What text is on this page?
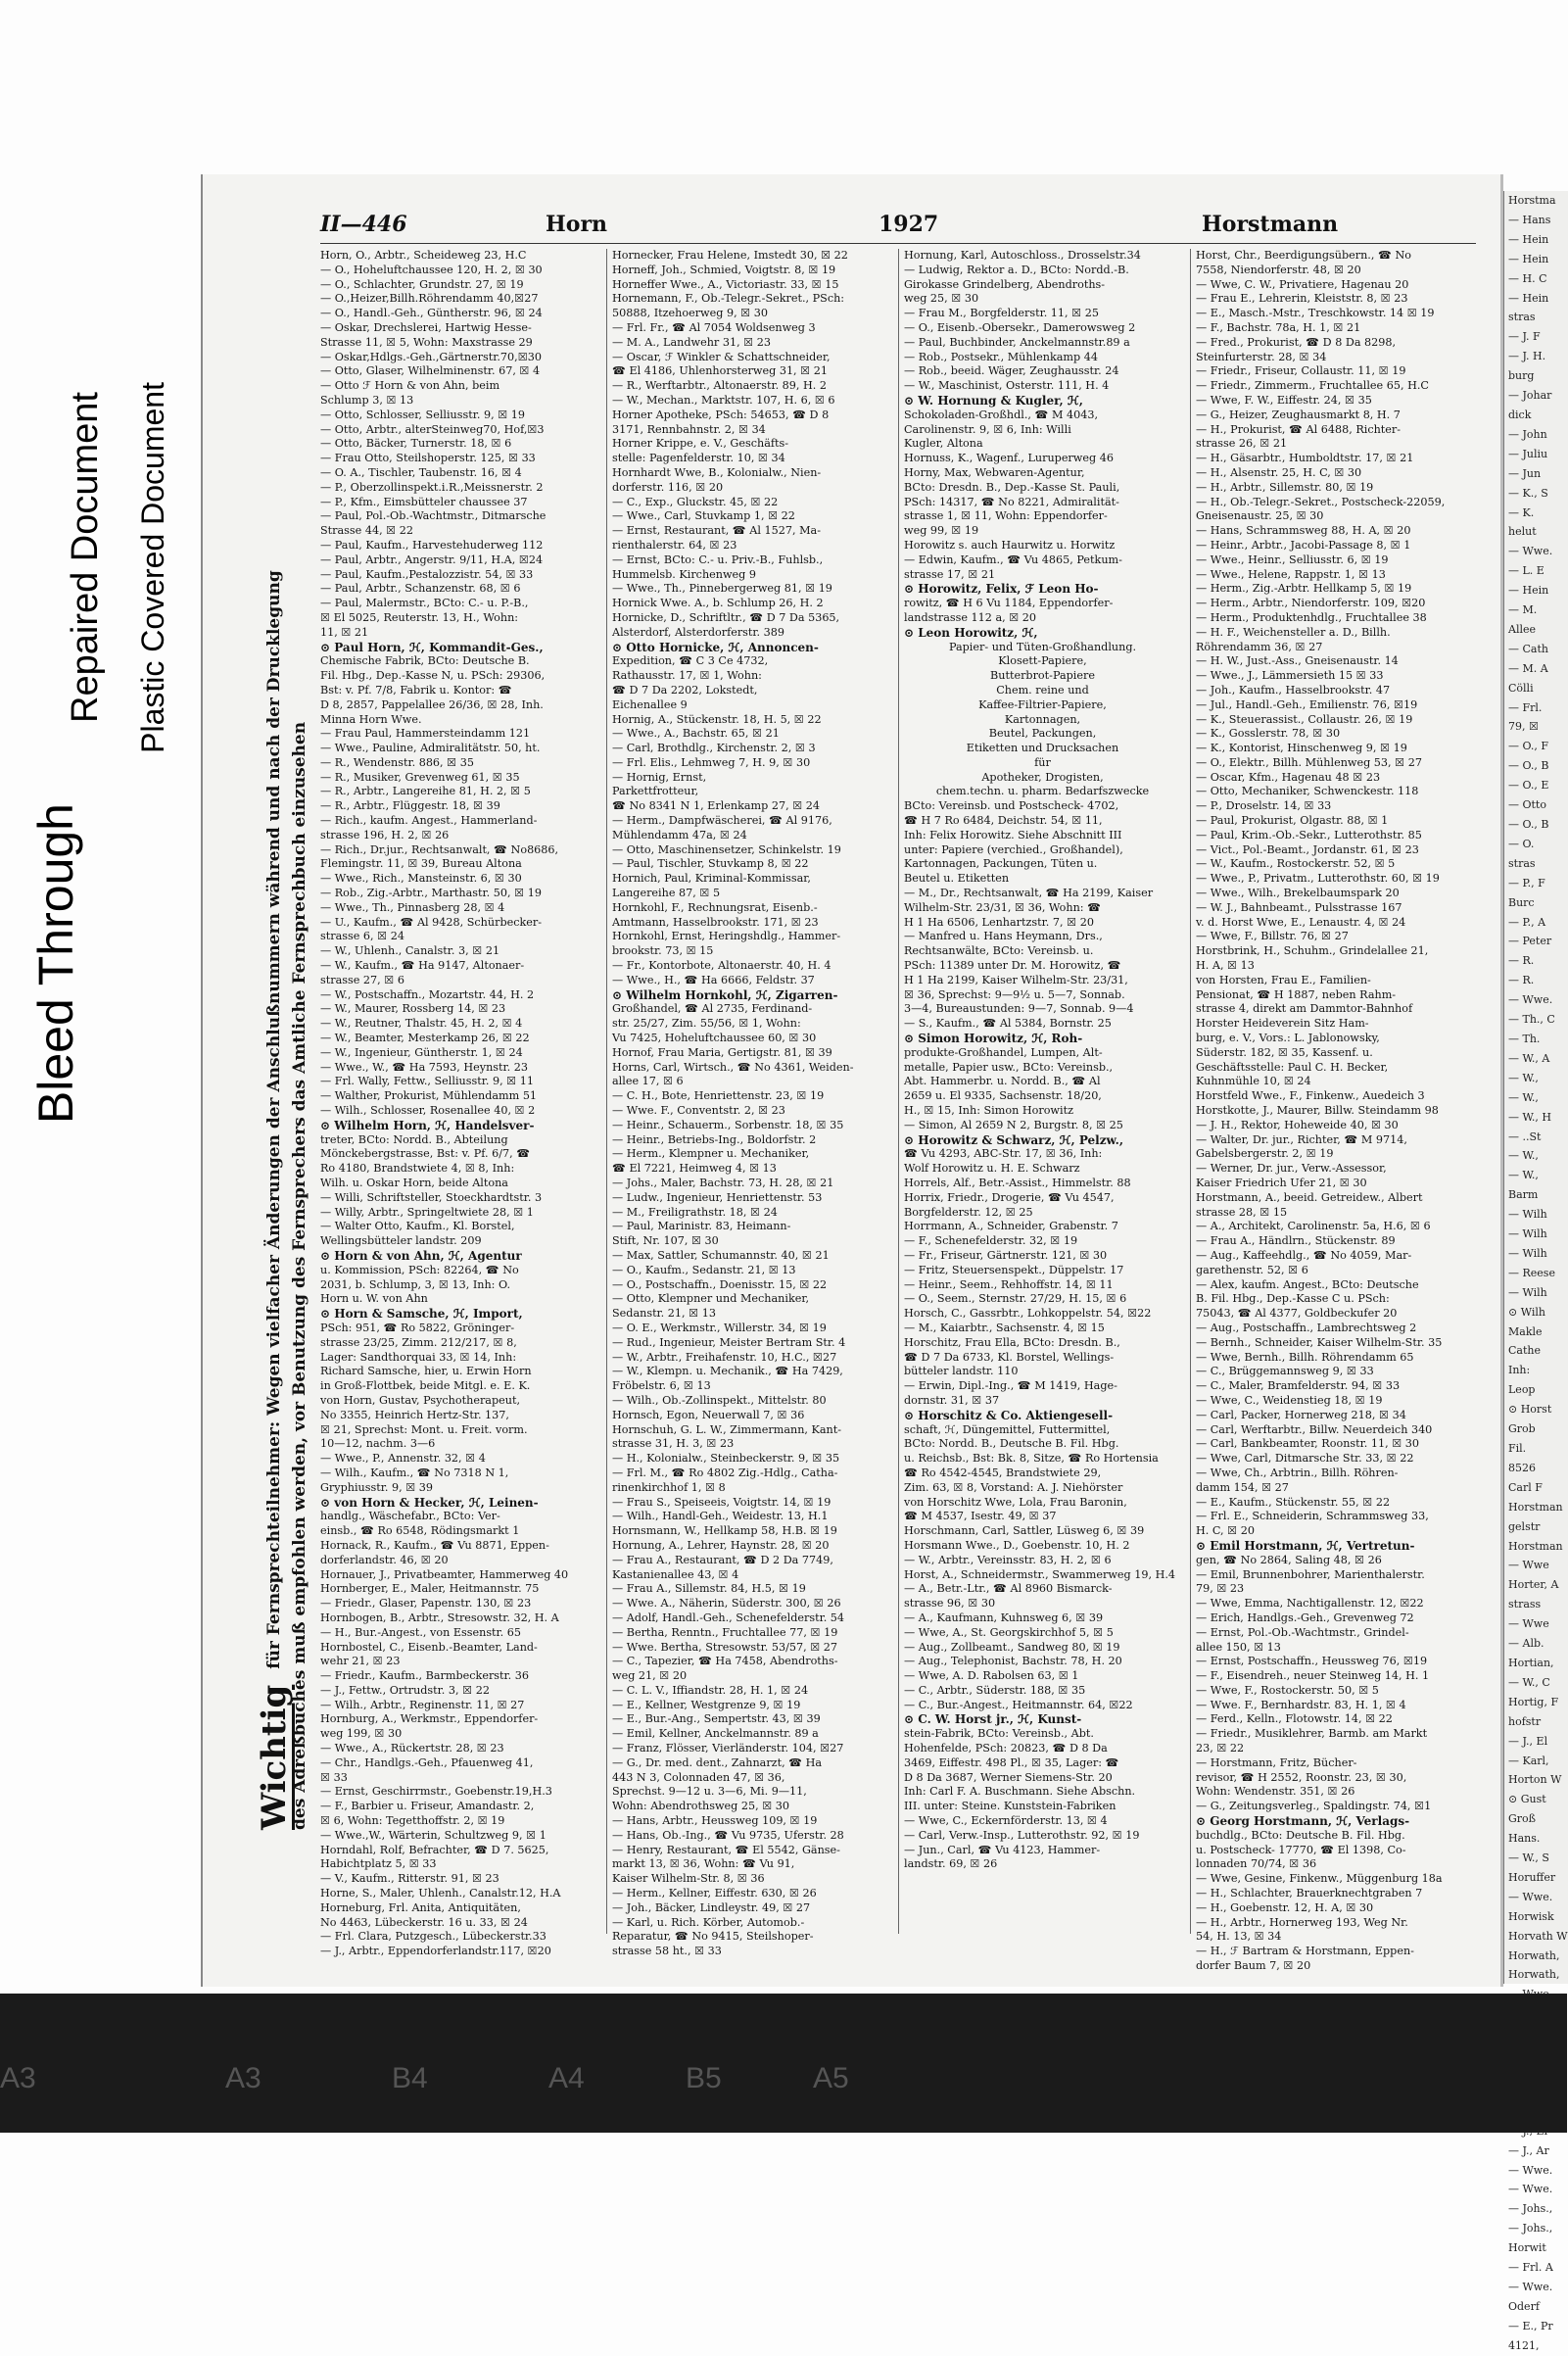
Bleed Through
Repaired Document Plastic Covered Document
II—446	Horn	1927	Horstmann
Wichtig für Fernsprechteilnehmer: Wegen vielfacher Änderungen der Anschlußnummern während und nach der Drucklegung des Adreßbuches muß empfohlen werden, vor Benutzung des Fernsprechers das Amtliche Fernsprechbuch einzusehen
Horn, O., Arbtr., Scheideweg 23, H.C
— O., Hoheluftchaussee 120, H. 2, ☒ 30
— O., Schlachter, Grundstr. 27, ☒ 19
— O.,Heizer,Billh.Röhrendamm 40,☒27
— O., Handl.-Geh., Güntherstr. 96, ☒ 24
— Oskar, Drechslerei, Hartwig Hesse-
Strasse 11, ☒ 5, Wohn: Maxstrasse 29
— Oskar,Hdlgs.-Geh.,Gärtnerstr.70,☒30
— Otto, Glaser, Wilhelminenstr. 67, ☒ 4
— Otto ℱ Horn & von Ahn, beim
Schlump 3, ☒ 13
— Otto, Schlosser, Selliusstr. 9, ☒ 19
— Otto, Arbtr., alterSteinweg70, Hof,☒3
— Otto, Bäcker, Turnerstr. 18, ☒ 6
— Frau Otto, Steilshoperstr. 125, ☒ 33
— O. A., Tischler, Taubenstr. 16, ☒ 4
— P., Oberzollinspekt.i.R.,Meissnerstr. 2
— P., Kfm., Eimsbütteler chaussee 37
— Paul, Pol.-Ob.-Wachtmstr., Ditmarsche
Strasse 44, ☒ 22
— Paul, Kaufm., Harvestehuderweg 112
— Paul, Arbtr., Angerstr. 9/11, H.A, ☒24
— Paul, Kaufm.,Pestalozzistr. 54, ☒ 33
— Paul, Arbtr., Schanzenstr. 68, ☒ 6
— Paul, Malermstr., BCto: C.- u. P.-B.,
☒ El 5025, Reuterstr. 13, H., Wohn:
11, ☒ 21
⊙ Paul Horn, ℋ, Kommandit-Ges.,
Chemische Fabrik, BCto: Deutsche B.
Fil. Hbg., Dep.-Kasse N, u. PSch: 29306,
Bst: v. Pf. 7/8, Fabrik u. Kontor: ☎
D 8, 2857, Pappelallee 26/36, ☒ 28, Inh.
Minna Horn Wwe.
— Frau Paul, Hammersteindamm 121
— Wwe., Pauline, Admiralitätstr. 50, ht.
— R., Wendenstr. 886, ☒ 35
— R., Musiker, Grevenweg 61, ☒ 35
— R., Arbtr., Langereihe 81, H. 2, ☒ 5
— R., Arbtr., Flüggestr. 18, ☒ 39
— Rich., kaufm. Angest., Hammerland-
strasse 196, H. 2, ☒ 26
— Rich., Dr.jur., Rechtsanwalt, ☎ No8686,
Flemingstr. 11, ☒ 39, Bureau Altona
— Wwe., Rich., Mansteinstr. 6, ☒ 30
— Rob., Zig.-Arbtr., Marthastr. 50, ☒ 19
— Wwe., Th., Pinnasberg 28, ☒ 4
— U., Kaufm., ☎ Al 9428, Schürbecker-
strasse 6, ☒ 24
— W., Uhlenh., Canalstr. 3, ☒ 21
— W., Kaufm., ☎ Ha 9147, Altonaer-
strasse 27, ☒ 6
— W., Postschaffn., Mozartstr. 44, H. 2
— W., Maurer, Rossberg 14, ☒ 23
— W., Reutner, Thalstr. 45, H. 2, ☒ 4
— W., Beamter, Mesterkamp 26, ☒ 22
— W., Ingenieur, Güntherstr. 1, ☒ 24
— Wwe., W., ☎ Ha 7593, Heynstr. 23
— Frl. Wally, Fettw., Selliusstr. 9, ☒ 11
— Walther, Prokurist, Mühlendamm 51
— Wilh., Schlosser, Rosenallee 40, ☒ 2
⊙ Wilhelm Horn, ℋ, Handelsver-
treter, BCto: Nordd. B., Abteilung
Mönckebergstrasse, Bst: v. Pf. 6/7, ☎
Ro 4180, Brandstwiete 4, ☒ 8, Inh:
Wilh. u. Oskar Horn, beide Altona
— Willi, Schriftsteller, Stoeckhardtstr. 3
— Willy, Arbtr., Springeltwiete 28, ☒ 1
— Walter Otto, Kaufm., Kl. Borstel,
Wellingsbütteler landstr. 209
⊙ Horn & von Ahn, ℋ, Agentur
u. Kommission, PSch: 82264, ☎ No
2031, b. Schlump, 3, ☒ 13, Inh: O.
Horn u. W. von Ahn
⊙ Horn & Samsche, ℋ, Import,
PSch: 951, ☎ Ro 5822, Gröninger-
strasse 23/25, Zimm. 212/217, ☒ 8,
Lager: Sandthorquai 33, ☒ 14, Inh:
Richard Samsche, hier, u. Erwin Horn
in Groß-Flottbek, beide Mitgl. e. E. K.
von Horn, Gustav, Psychotherapeut,
No 3355, Heinrich Hertz-Str. 137,
☒ 21, Sprechst: Mont. u. Freit. vorm.
10—12, nachm. 3—6
— Wwe., P., Annenstr. 32, ☒ 4
— Wilh., Kaufm., ☎ No 7318 N 1,
Gryphiusstr. 9, ☒ 39
⊙ von Horn & Hecker, ℋ, Leinen-
handlg., Wäschefabr., BCto: Ver-
einsb., ☎ Ro 6548, Rödingsmarkt 1
Hornack, R., Kaufm., ☎ Vu 8871, Eppen-
dorferlandstr. 46, ☒ 20
Hornauer, J., Privatbeamter, Hammerweg 40
Hornberger, E., Maler, Heitmannstr. 75
— Friedr., Glaser, Papenstr. 130, ☒ 23
Hornbogen, B., Arbtr., Stresowstr. 32, H. A
— H., Bur.-Angest., von Essenstr. 65
Hornbostel, C., Eisenb.-Beamter, Land-
wehr 21, ☒ 23
— Friedr., Kaufm., Barmbeckerstr. 36
— J., Fettw., Ortrudstr. 3, ☒ 22
— Wilh., Arbtr., Reginenstr. 11, ☒ 27
Hornburg, A., Werkmstr., Eppendorfer-
weg 199, ☒ 30
— Wwe., A., Rückertstr. 28, ☒ 23
— Chr., Handlgs.-Geh., Pfauenweg 41,
☒ 33
— Ernst, Geschirrmstr., Goebenstr.19,H.3
— F., Barbier u. Friseur, Amandastr. 2,
☒ 6, Wohn: Tegetthoffstr. 2, ☒ 19
— Wwe.,W., Wärterin, Schultzweg 9, ☒ 1
Horndahl, Rolf, Befrachter, ☎ D 7. 5625,
Habichtplatz 5, ☒ 33
— V., Kaufm., Ritterstr. 91, ☒ 23
Horne, S., Maler, Uhlenh., Canalstr.12, H.A
Horneburg, Frl. Anita, Antiquitäten,
No 4463, Lübeckerstr. 16 u. 33, ☒ 24
— Frl. Clara, Putzgesch., Lübeckerstr.33
— J., Arbtr., Eppendorferlandstr.117, ☒20
Hornecker, Frau Helene, Imstedt 30, ☒ 22
Horneff, Joh., Schmied, Voigtstr. 8, ☒ 19
Horneffer Wwe., A., Victoriastr. 33, ☒ 15
Hornemann, F., Ob.-Telegr.-Sekret., PSch:
50888, Itzehoerweg 9, ☒ 30
— Frl. Fr., ☎ Al 7054 Woldsenweg 3
— M. A., Landwehr 31, ☒ 23
— Oscar, ℱ Winkler & Schattschneider,
☎ El 4186, Uhlenhorsterweg 31, ☒ 21
— R., Werftarbtr., Altonaerstr. 89, H. 2
— W., Mechan., Marktstr. 107, H. 6, ☒ 6
Horner Apotheke, PSch: 54653, ☎ D 8
3171, Rennbahnstr. 2, ☒ 34
Horner Krippe, e. V., Geschäfts-
stelle: Pagenfelderstr. 10, ☒ 34
Hornhardt Wwe, B., Kolonialw., Nien-
dorferstr. 116, ☒ 20
— C., Exp., Gluckstr. 45, ☒ 22
— Wwe., Carl, Stuvkamp 1, ☒ 22
— Ernst, Restaurant, ☎ Al 1527, Ma-
rienthalerstr. 64, ☒ 23
— Ernst, BCto: C.- u. Priv.-B., Fuhlsb.,
Hummelsb. Kirchenweg 9
— Wwe., Th., Pinnebergerweg 81, ☒ 19
Hornick Wwe. A., b. Schlump 26, H. 2
Hornicke, D., Schriftltr., ☎ D 7 Da 5365,
Alsterdorf, Alsterdorferstr. 389
⊙ Otto Hornicke, ℋ, Annoncen-
Expedition, ☎ C 3 Ce 4732,
Rathausstr. 17, ☒ 1, Wohn:
☎ D 7 Da 2202, Lokstedt,
Eichenallee 9
Hornig, A., Stückenstr. 18, H. 5, ☒ 22
— Wwe., A., Bachstr. 65, ☒ 21
— Carl, Brothdlg., Kirchenstr. 2, ☒ 3
— Frl. Elis., Lehmweg 7, H. 9, ☒ 30
— Hornig, Ernst,
Parkettfrotteur,
☎ No 8341 N 1, Erlenkamp 27, ☒ 24
— Herm., Dampfwäscherei, ☎ Al 9176,
Mühlendamm 47a, ☒ 24
— Otto, Maschinensetzer, Schinkelstr. 19
— Paul, Tischler, Stuvkamp 8, ☒ 22
Hornich, Paul, Kriminal-Kommissar,
Langereihe 87, ☒ 5
Hornkohl, F., Rechnungsrat, Eisenb.-
Amtmann, Hasselbrookstr. 171, ☒ 23
Hornkohl, Ernst, Heringshdlg., Hammer-
brookstr. 73, ☒ 15
— Fr., Kontorbote, Altonaerstr. 40, H. 4
— Wwe., H., ☎ Ha 6666, Feldstr. 37
⊙ Wilhelm Hornkohl, ℋ, Zigarren-
Großhandel, ☎ Al 2735, Ferdinand-
str. 25/27, Zim. 55/56, ☒ 1, Wohn:
Vu 7425, Hoheluftchaussee 60, ☒ 30
Hornof, Frau Maria, Gertigstr. 81, ☒ 39
Horns, Carl, Wirtsch., ☎ No 4361, Weiden-
allee 17, ☒ 6
— C. H., Bote, Henriettenstr. 23, ☒ 19
— Wwe. F., Conventstr. 2, ☒ 23
— Heinr., Schauerm., Sorbenstr. 18, ☒ 35
— Heinr., Betriebs-Ing., Boldorfstr. 2
— Herm., Klempner u. Mechaniker,
☎ El 7221, Heimweg 4, ☒ 13
— Johs., Maler, Bachstr. 73, H. 28, ☒ 21
— Ludw., Ingenieur, Henriettenstr. 53
— M., Freiligrathstr. 18, ☒ 24
— Paul, Marinistr. 83, Heimann-
Stift, Nr. 107, ☒ 30
— Max, Sattler, Schumannstr. 40, ☒ 21
— O., Kaufm., Sedanstr. 21, ☒ 13
— O., Postschaffn., Doenisstr. 15, ☒ 22
— Otto, Klempner und Mechaniker,
Sedanstr. 21, ☒ 13
— O. E., Werkmstr., Willerstr. 34, ☒ 19
— Rud., Ingenieur, Meister Bertram Str. 4
— W., Arbtr., Freihafenstr. 10, H.C., ☒27
— W., Klempn. u. Mechanik., ☎ Ha 7429,
Fröbelstr. 6, ☒ 13
— Wilh., Ob.-Zollinspekt., Mittelstr. 80
Hornsch, Egon, Neuerwall 7, ☒ 36
Hornschuh, G. L. W., Zimmermann, Kant-
strasse 31, H. 3, ☒ 23
— H., Kolonialw., Steinbeckerstr. 9, ☒ 35
— Frl. M., ☎ Ro 4802 Zig.-Hdlg., Catha-
rinenkirchhof 1, ☒ 8
— Frau S., Speiseeis, Voigtstr. 14, ☒ 19
— Wilh., Handl-Geh., Weidestr. 13, H.1
Hornsmann, W., Hellkamp 58, H.B. ☒ 19
Hornung, A., Lehrer, Haynstr. 28, ☒ 20
— Frau A., Restaurant, ☎ D 2 Da 7749,
Kastanienallee 43, ☒ 4
— Frau A., Sillemstr. 84, H.5, ☒ 19
— Wwe. A., Näherin, Süderstr. 300, ☒ 26
— Adolf, Handl.-Geh., Schenefelderstr. 54
— Bertha, Renntn., Fruchtallee 77, ☒ 19
— Wwe. Bertha, Stresowstr. 53/57, ☒ 27
— C., Tapezier, ☎ Ha 7458, Abendroths-
weg 21, ☒ 20
— C. L. V., Iffiandstr. 28, H. 1, ☒ 24
— E., Kellner, Westgrenze 9, ☒ 19
— E., Bur.-Ang., Sempertstr. 43, ☒ 39
— Emil, Kellner, Anckelmannstr. 89 a
— Franz, Flösser, Vierländerstr. 104, ☒27
— G., Dr. med. dent., Zahnarzt, ☎ Ha
443 N 3, Colonnaden 47, ☒ 36,
Sprechst. 9—12 u. 3—6, Mi. 9—11,
Wohn: Abendrothsweg 25, ☒ 30
— Hans, Arbtr., Heussweg 109, ☒ 19
— Hans, Ob.-Ing., ☎ Vu 9735, Uferstr. 28
— Henry, Restaurant, ☎ El 5542, Gänse-
markt 13, ☒ 36, Wohn: ☎ Vu 91,
Kaiser Wilhelm-Str. 8, ☒ 36
— Herm., Kellner, Eiffestr. 630, ☒ 26
— Joh., Bäcker, Lindleystr. 49, ☒ 27
— Karl, u. Rich. Körber, Automob.-
Reparatur, ☎ No 9415, Steilshoper-
strasse 58 ht., ☒ 33
Hornung, Karl, Autoschloss., Drosselstr.34
— Ludwig, Rektor a. D., BCto: Nordd.-B.
Girokasse Grindelberg, Abendroths-
weg 25, ☒ 30
— Frau M., Borgfelderstr. 11, ☒ 25
— O., Eisenb.-Obersekr., Damerowsweg 2
— Paul, Buchbinder, Anckelmannstr.89 a
— Rob., Postsekr., Mühlenkamp 44
— Rob., beeid. Wäger, Zeughausstr. 24
— W., Maschinist, Osterstr. 111, H. 4
⊙ W. Hornung & Kugler, ℋ,
Schokoladen-Großhdl., ☎ M 4043,
Carolinenstr. 9, ☒ 6, Inh: Willi
Kugler, Altona
Hornuss, K., Wagenf., Luruperweg 46
Horny, Max, Webwaren-Agentur,
BCto: Dresdn. B., Dep.-Kasse St. Pauli,
PSch: 14317, ☎ No 8221, Admiralität-
strasse 1, ☒ 11, Wohn: Eppendorfer-
weg 99, ☒ 19
Horowitz s. auch Haurwitz u. Horwitz
— Edwin, Kaufm., ☎ Vu 4865, Petkum-
strasse 17, ☒ 21
⊙ Horowitz, Felix, ℱ Leon Ho-
rowitz, ☎ H 6 Vu 1184, Eppendorfer-
landstrasse 112 a, ☒ 20
⊙ Leon Horowitz, ℋ,
Papier- und Tüten-Großhandlung.
Klosett-Papiere,
Butterbrot-Papiere
Chem. reine und
Kaffee-Filtrier-Papiere,
Kartonnagen,
Beutel, Packungen,
Etiketten und Drucksachen
für
Apotheker, Drogisten,
chem.techn. u. pharm. Bedarfszwecke
BCto: Vereinsb. und Postscheck- 4702,
☎ H 7 Ro 6484, Deichstr. 54, ☒ 11,
Inh: Felix Horowitz. Siehe Abschnitt III
unter: Papiere (verchied., Großhandel),
Kartonnagen, Packungen, Tüten u.
Beutel u. Etiketten
— M., Dr., Rechtsanwalt, ☎ Ha 2199, Kaiser
Wilhelm-Str. 23/31, ☒ 36, Wohn: ☎
H 1 Ha 6506, Lenhartzstr. 7, ☒ 20
— Manfred u. Hans Heymann, Drs.,
Rechtsanwälte, BCto: Vereinsb. u.
PSch: 11389 unter Dr. M. Horowitz, ☎
H 1 Ha 2199, Kaiser Wilhelm-Str. 23/31,
☒ 36, Sprechst: 9—9½ u. 5—7, Sonnab.
3—4, Bureaustunden: 9—7, Sonnab. 9—4
— S., Kaufm., ☎ Al 5384, Bornstr. 25
⊙ Simon Horowitz, ℋ, Roh-
produkte-Großhandel, Lumpen, Alt-
metalle, Papier usw., BCto: Vereinsb.,
Abt. Hammerbr. u. Nordd. B., ☎ Al
2659 u. El 9335, Sachsenstr. 18/20,
H., ☒ 15, Inh: Simon Horowitz
— Simon, Al 2659 N 2, Burgstr. 8, ☒ 25
⊙ Horowitz & Schwarz, ℋ, Pelzw.,
☎ Vu 4293, ABC-Str. 17, ☒ 36, Inh:
Wolf Horowitz u. H. E. Schwarz
Horrels, Alf., Betr.-Assist., Himmelstr. 88
Horrix, Friedr., Drogerie, ☎ Vu 4547,
Borgfelderstr. 12, ☒ 25
Horrmann, A., Schneider, Grabenstr. 7
— F., Schenefelderstr. 32, ☒ 19
— Fr., Friseur, Gärtnerstr. 121, ☒ 30
— Fritz, Steuersenspekt., Düppelstr. 17
— Heinr., Seem., Rehhoffstr. 14, ☒ 11
— O., Seem., Sternstr. 27/29, H. 15, ☒ 6
Horsch, C., Gassrbtr., Lohkoppelstr. 54, ☒22
— M., Kaiarbtr., Sachsenstr. 4, ☒ 15
Horschitz, Frau Ella, BCto: Dresdn. B.,
☎ D 7 Da 6733, Kl. Borstel, Wellings-
bütteler landstr. 110
— Erwin, Dipl.-Ing., ☎ M 1419, Hage-
dornstr. 31, ☒ 37
⊙ Horschitz & Co. Aktiengesell-
schaft, ℋ, Düngemittel, Futtermittel,
BCto: Nordd. B., Deutsche B. Fil. Hbg.
u. Reichsb., Bst: Bk. 8, Sitze, ☎ Ro Hortensia
☎ Ro 4542-4545, Brandstwiete 29,
Zim. 63, ☒ 8, Vorstand: A. J. Niehörster
von Horschitz Wwe, Lola, Frau Baronin,
☎ M 4537, Isestr. 49, ☒ 37
Horschmann, Carl, Sattler, Lüsweg 6, ☒ 39
Horsmann Wwe., D., Goebenstr. 10, H. 2
— W., Arbtr., Vereinsstr. 83, H. 2, ☒ 6
Horst, A., Schneidermstr., Swammerweg 19, H.4
— A., Betr.-Ltr., ☎ Al 8960 Bismarck-
strasse 96, ☒ 30
— A., Kaufmann, Kuhnsweg 6, ☒ 39
— Wwe, A., St. Georgskirchhof 5, ☒ 5
— Aug., Zollbeamt., Sandweg 80, ☒ 19
— Aug., Telephonist, Bachstr. 78, H. 20
— Wwe, A. D. Rabolsen 63, ☒ 1
— C., Arbtr., Süderstr. 188, ☒ 35
— C., Bur.-Angest., Heitmannstr. 64, ☒22
⊙ C. W. Horst jr., ℋ, Kunst-
stein-Fabrik, BCto: Vereinsb., Abt.
Hohenfelde, PSch: 20823, ☎ D 8 Da
3469, Eiffestr. 498 Pl., ☒ 35, Lager: ☎
D 8 Da 3687, Werner Siemens-Str. 20
Inh: Carl F. A. Buschmann. Siehe Abschn.
III. unter: Steine. Kunststein-Fabriken
— Wwe, C., Eckernförderstr. 13, ☒ 4
— Carl, Verw.-Insp., Lutterothstr. 92, ☒ 19
— Jun., Carl, ☎ Vu 4123, Hammer-
landstr. 69, ☒ 26
Horst, Chr., Beerdigungsübern., ☎ No
7558, Niendorferstr. 48, ☒ 20
— Wwe, C. W., Privatiere, Hagenau 20
— Frau E., Lehrerin, Kleiststr. 8, ☒ 23
— E., Masch.-Mstr., Treschkowstr. 14 ☒ 19
— F., Bachstr. 78a, H. 1, ☒ 21
— Fred., Prokurist, ☎ D 8 Da 8298,
Steinfurterstr. 28, ☒ 34
— Friedr., Friseur, Collaustr. 11, ☒ 19
— Friedr., Zimmerm., Fruchtallee 65, H.C
— Wwe, F. W., Eiffestr. 24, ☒ 35
— G., Heizer, Zeughausmarkt 8, H. 7
— H., Prokurist, ☎ Al 6488, Richter-
strasse 26, ☒ 21
— H., Gäsarbtr., Humboldtstr. 17, ☒ 21
— H., Alsenstr. 25, H. C, ☒ 30
— H., Arbtr., Sillemstr. 80, ☒ 19
— H., Ob.-Telegr.-Sekret., Postscheck-22059,
Gneisenaustr. 25, ☒ 30
— Hans, Schrammsweg 88, H. A, ☒ 20
— Heinr., Arbtr., Jacobi-Passage 8, ☒ 1
— Wwe., Heinr., Selliusstr. 6, ☒ 19
— Wwe., Helene, Rappstr. 1, ☒ 13
— Herm., Zig.-Arbtr. Hellkamp 5, ☒ 19
— Herm., Arbtr., Niendorferstr. 109, ☒20
— Herm., Produktenhdlg., Fruchtallee 38
— H. F., Weichensteller a. D., Billh.
Röhrendamm 36, ☒ 27
— H. W., Just.-Ass., Gneisenaustr. 14
— Wwe., J., Lämmersieth 15 ☒ 33
— Joh., Kaufm., Hasselbrookstr. 47
— Jul., Handl.-Geh., Emilienstr. 76, ☒19
— K., Steuerassist., Collaustr. 26, ☒ 19
— K., Gosslerstr. 78, ☒ 30
— K., Kontorist, Hinschenweg 9, ☒ 19
— O., Elektr., Billh. Mühlenweg 53, ☒ 27
— Oscar, Kfm., Hagenau 48 ☒ 23
— Otto, Mechaniker, Schwenckestr. 118
— P., Droselstr. 14, ☒ 33
— Paul, Prokurist, Olgastr. 88, ☒ 1
— Paul, Krim.-Ob.-Sekr., Lutterothstr. 85
— Vict., Pol.-Beamt., Jordanstr. 61, ☒ 23
— W., Kaufm., Rostockerstr. 52, ☒ 5
— Wwe., P., Privatm., Lutterothstr. 60, ☒ 19
— Wwe., Wilh., Brekelbaumspark 20
— W. J., Bahnbeamt., Pulsstrasse 167
v. d. Horst Wwe, E., Lenaustr. 4, ☒ 24
— Wwe, F., Billstr. 76, ☒ 27
Horstbrink, H., Schuhm., Grindelallee 21,
H. A, ☒ 13
von Horsten, Frau E., Familien-
Pensionat, ☎ H 1887, neben Rahm-
strasse 4, direkt am Dammtor-Bahnhof
Horster Heideverein Sitz Ham-
burg, e. V., Vors.: L. Jablonowsky,
Süderstr. 182, ☒ 35, Kassenf. u.
Geschäftsstelle: Paul C. H. Becker,
Kuhnmühle 10, ☒ 24
Horstfeld Wwe., F., Finkenw., Auedeich 3
Horstkotte, J., Maurer, Billw. Steindamm 98
— J. H., Rektor, Hoheweide 40, ☒ 30
— Walter, Dr. jur., Richter, ☎ M 9714,
Gabelsbergerstr. 2, ☒ 19
— Werner, Dr. jur., Verw.-Assessor,
Kaiser Friedrich Ufer 21, ☒ 30
Horstmann, A., beeid. Getreidew., Albert
strasse 28, ☒ 15
— A., Architekt, Carolinenstr. 5a, H.6, ☒ 6
— Frau A., Händlrn., Stückenstr. 89
— Aug., Kaffeehdlg., ☎ No 4059, Mar-
garethenstr. 52, ☒ 6
— Alex, kaufm. Angest., BCto: Deutsche
B. Fil. Hbg., Dep.-Kasse C u. PSch:
75043, ☎ Al 4377, Goldbeckufer 20
— Aug., Postschaffn., Lambrechtsweg 2
— Bernh., Schneider, Kaiser Wilhelm-Str. 35
— Wwe, Bernh., Billh. Röhrendamm 65
— C., Brüggemannsweg 9, ☒ 33
— C., Maler, Bramfelderstr. 94, ☒ 33
— Wwe, C., Weidenstieg 18, ☒ 19
— Carl, Packer, Hornerweg 218, ☒ 34
— Carl, Werftarbtr., Billw. Neuerdeich 340
— Carl, Bankbeamter, Roonstr. 11, ☒ 30
— Wwe, Carl, Ditmarsche Str. 33, ☒ 22
— Wwe, Ch., Arbtrin., Billh. Röhren-
damm 154, ☒ 27
— E., Kaufm., Stückenstr. 55, ☒ 22
— Frl. E., Schneiderin, Schrammsweg 33,
H. C, ☒ 20
⊙ Emil Horstmann, ℋ, Vertretun-
gen, ☎ No 2864, Saling 48, ☒ 26
— Emil, Brunnenbohrer, Marienthalerstr.
79, ☒ 23
— Wwe, Emma, Nachtigallenstr. 12, ☒22
— Erich, Handlgs.-Geh., Grevenweg 72
— Ernst, Pol.-Ob.-Wachtmstr., Grindel-
allee 150, ☒ 13
— Ernst, Postschaffn., Heussweg 76, ☒19
— F., Eisendreh., neuer Steinweg 14, H. 1
— Wwe, F., Rostockerstr. 50, ☒ 5
— Wwe. F., Bernhardstr. 83, H. 1, ☒ 4
— Ferd., Kelln., Flotowstr. 14, ☒ 22
— Friedr., Musiklehrer, Barmb. am Markt
23, ☒ 22
— Horstmann, Fritz, Bücher-
revisor, ☎ H 2552, Roonstr. 23, ☒ 30,
Wohn: Wendenstr. 351, ☒ 26
— G., Zeitungsverleg., Spaldingstr. 74, ☒1
⊙ Georg Horstmann, ℋ, Verlags-
buchdlg., BCto: Deutsche B. Fil. Hbg.
u. Postscheck- 17770, ☎ El 1398, Co-
lonnaden 70/74, ☒ 36
— Wwe, Gesine, Finkenw., Müggenburg 18a
— H., Schlachter, Brauerknechtgraben 7
— H., Goebenstr. 12, H. A, ☒ 30
— H., Arbtr., Hornerweg 193, Weg Nr.
54, H. 13, ☒ 34
— H., ℱ Bartram & Horstmann, Eppen-
dorfer Baum 7, ☒ 20
Horstma
— Hans
— Hein
— Hein
— H. C
— Hein
stras
— J. F
— J. H.
burg
— Johar
dick
— John
— Juliu
— Jun
— K., S
— K.
helut
— Wwe.
— L. E
— Hein
— M.
Allee
— Cath
— M. A
Cölli
— Frl.
79, ☒
— O., F
— O., B
— O., E
— Otto
— O., B
— O.
stras
— P., F
Burc
— P., A
— Peter
— R.
— R.
— Wwe.
— Th., C
— Th.
— W., A
— W.,
— W.,
— W., H
— ..St
— W.,
— W.,
Barm
— Wilh
— Wilh
— Wilh
— Reese
— Wilh
⊙ Wilh
Makle
Cathe
Inh:
Leop
⊙ Horst
Grob
Fil.
8526
Carl F
Horstman
gelstr
Horstman
— Wwe
Horter, A
strass
— Wwe
— Alb.
Hortian,
— W., C
Hortig, F
hofstr
— J., El
— Karl,
Horton W
⊙ Gust
Groß
Hans.
— W., S
Horuffer
— Wwe.
Horwisk
Horvath W
Horwath,
Horwath,
— J., Ar
— Wwe.
— Wwe.
— Johs.,
— Johs.,
Horwit
— Frl. A
— Wwe.
Oderf
— E., Pr
4121,
A3	A3	B4	A4	B5	A5
